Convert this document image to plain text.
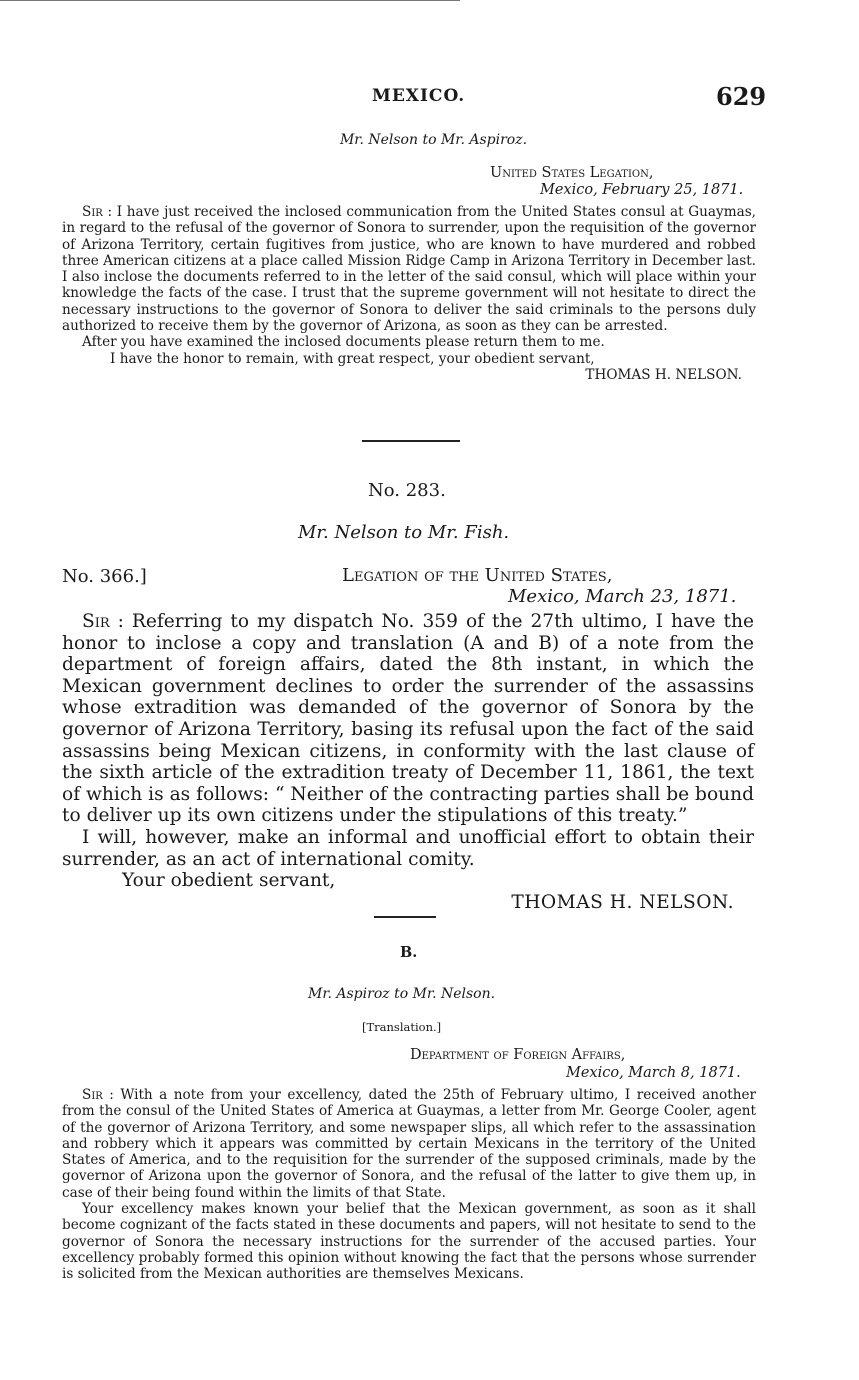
MEXICO.	629
Mr. Nelson to Mr. Aspiroz.
United States Legation,
Mexico, February 25, 1871.

Sir : I have just received the inclosed communication from the United States consul at Guaymas, in regard to the refusal of the governor of Sonora to surrender, upon the requisition of the governor of Arizona Territory, certain fugitives from justice, who are known to have murdered and robbed three American citizens at a place called Mission Ridge Camp in Arizona Territory in December last. I also inclose the documents referred to in the letter of the said consul, which will place within your knowledge the facts of the case. I trust that the supreme government will not hesitate to direct the necessary instructions to the governor of Sonora to deliver the said criminals to the persons duly authorized to receive them by the governor of Arizona, as soon as they can be arrested.

After you have examined the inclosed documents please return them to me.

I have the honor to remain, with great respect, your obedient servant,

THOMAS H. NELSON.

No. 283.
Mr. Nelson to Mr. Fish.
No. 366.]	Legation of the United States,
Mexico, March 23, 1871.

Sir : Referring to my dispatch No. 359 of the 27th ultimo, I have the honor to inclose a copy and translation (A and B) of a note from the department of foreign affairs, dated the 8th instant, in which the Mexican government declines to order the surrender of the assassins whose extradition was demanded of the governor of Sonora by the governor of Arizona Territory, basing its refusal upon the fact of the said assassins being Mexican citizens, in conformity with the last clause of the sixth article of the extradition treaty of December 11, 1861, the text of which is as follows: “ Neither of the contracting parties shall be bound to deliver up its own citizens under the stipulations of this treaty.”

I will, however, make an informal and unofficial effort to obtain their surrender, as an act of international comity.

Your obedient servant,

THOMAS H. NELSON.

B.
Mr. Aspiroz to Mr. Nelson.
[Translation.]
Department of Foreign Affairs,
Mexico, March 8, 1871.

Sir : With a note from your excellency, dated the 25th of February ultimo, I received another from the consul of the United States of America at Guaymas, a letter from Mr. George Cooler, agent of the governor of Arizona Territory, and some newspaper slips, all which refer to the assassination and robbery which it appears was committed by certain Mexicans in the territory of the United States of America, and to the requisition for the surrender of the supposed criminals, made by the governor of Arizona upon the governor of Sonora, and the refusal of the latter to give them up, in case of their being found within the limits of that State.

Your excellency makes known your belief that the Mexican government, as soon as it shall become cognizant of the facts stated in these documents and papers, will not hesitate to send to the governor of Sonora the necessary instructions for the surrender of the accused parties. Your excellency probably formed this opinion without knowing the fact that the persons whose surrender is solicited from the Mexican authorities are themselves Mexicans.
